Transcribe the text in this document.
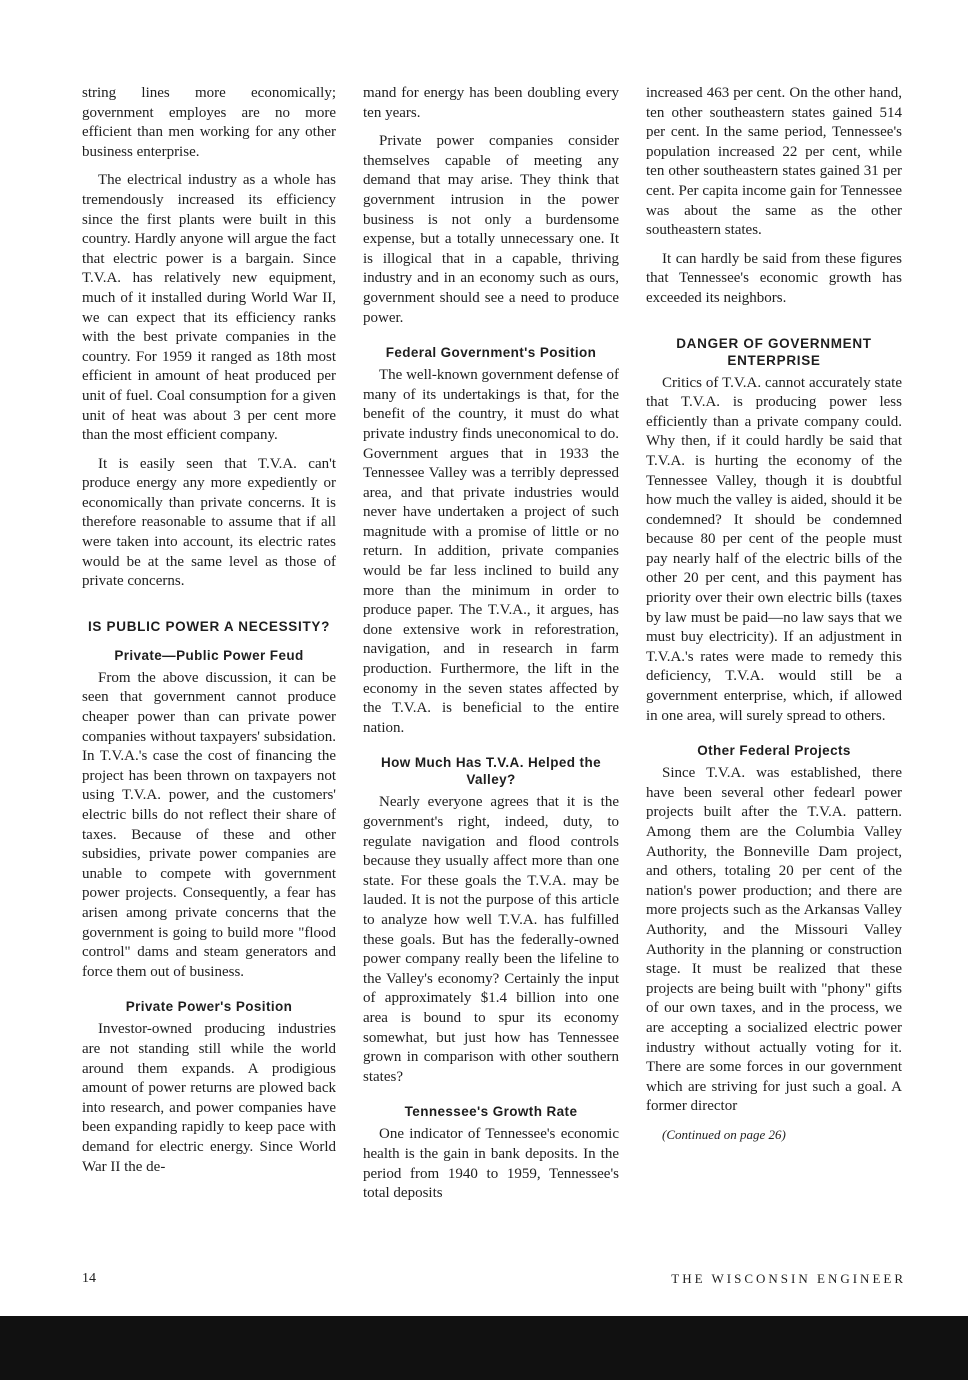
string lines more economically; government employes are no more efficient than men working for any other business enterprise.

The electrical industry as a whole has tremendously increased its efficiency since the first plants were built in this country. Hardly anyone will argue the fact that electric power is a bargain. Since T.V.A. has relatively new equipment, much of it installed during World War II, we can expect that its efficiency ranks with the best private companies in the country. For 1959 it ranged as 18th most efficient in amount of heat produced per unit of fuel. Coal consumption for a given unit of heat was about 3 per cent more than the most efficient company.

It is easily seen that T.V.A. can't produce energy any more expediently or economically than private concerns. It is therefore reasonable to assume that if all were taken into account, its electric rates would be at the same level as those of private concerns.

IS PUBLIC POWER A NECESSITY?
Private—Public Power Feud

From the above discussion, it can be seen that government cannot produce cheaper power than can private power companies without taxpayers' subsidation. In T.V.A.'s case the cost of financing the project has been thrown on taxpayers not using T.V.A. power, and the customers' electric bills do not reflect their share of taxes. Because of these and other subsidies, private power companies are unable to compete with government power projects. Consequently, a fear has arisen among private concerns that the government is going to build more "flood control" dams and steam generators and force them out of business.

Private Power's Position

Investor-owned producing industries are not standing still while the world around them expands. A prodigious amount of power returns are plowed back into research, and power companies have been expanding rapidly to keep pace with demand for electric energy. Since World War II the de-

mand for energy has been doubling every ten years.

Private power companies consider themselves capable of meeting any demand that may arise. They think that government intrusion in the power business is not only a burdensome expense, but a totally unnecessary one. It is illogical that in a capable, thriving industry and in an economy such as ours, government should see a need to produce power.

Federal Government's Position

The well-known government defense of many of its undertakings is that, for the benefit of the country, it must do what private industry finds uneconomical to do. Government argues that in 1933 the Tennessee Valley was a terribly depressed area, and that private industries would never have undertaken a project of such magnitude with a promise of little or no return. In addition, private companies would be far less inclined to build any more than the minimum in order to produce paper. The T.V.A., it argues, has done extensive work in reforestration, navigation, and in research in farm production. Furthermore, the lift in the economy in the seven states affected by the T.V.A. is beneficial to the entire nation.

How Much Has T.V.A. Helped the Valley?

Nearly everyone agrees that it is the government's right, indeed, duty, to regulate navigation and flood controls because they usually affect more than one state. For these goals the T.V.A. may be lauded. It is not the purpose of this article to analyze how well T.V.A. has fulfilled these goals. But has the federally-owned power company really been the lifeline to the Valley's economy? Certainly the input of approximately $1.4 billion into one area is bound to spur its economy somewhat, but just how has Tennessee grown in comparison with other southern states?

Tennessee's Growth Rate

One indicator of Tennessee's economic health is the gain in bank deposits. In the period from 1940 to 1959, Tennessee's total deposits

increased 463 per cent. On the other hand, ten other southeastern states gained 514 per cent. In the same period, Tennessee's population increased 22 per cent, while ten other southeastern states gained 31 per cent. Per capita income gain for Tennessee was about the same as the other southeastern states.

It can hardly be said from these figures that Tennessee's economic growth has exceeded its neighbors.

DANGER OF GOVERNMENT ENTERPRISE

Critics of T.V.A. cannot accurately state that T.V.A. is producing power less efficiently than a private company could. Why then, if it could hardly be said that T.V.A. is hurting the economy of the Tennessee Valley, though it is doubtful how much the valley is aided, should it be condemned? It should be condemned because 80 per cent of the people must pay nearly half of the electric bills of the other 20 per cent, and this payment has priority over their own electric bills (taxes by law must be paid—no law says that we must buy electricity). If an adjustment in T.V.A.'s rates were made to remedy this deficiency, T.V.A. would still be a government enterprise, which, if allowed in one area, will surely spread to others.

Other Federal Projects

Since T.V.A. was established, there have been several other fedearl power projects built after the T.V.A. pattern. Among them are the Columbia Valley Authority, the Bonneville Dam project, and others, totaling 20 per cent of the nation's power production; and there are more projects such as the Arkansas Valley Authority, and the Missouri Valley Authority in the planning or construction stage. It must be realized that these projects are being built with "phony" gifts of our own taxes, and in the process, we are accepting a socialized electric power industry without actually voting for it. There are some forces in our government which are striving for just such a goal. A former director

(Continued on page 26)

14	THE WISCONSIN ENGINEER
